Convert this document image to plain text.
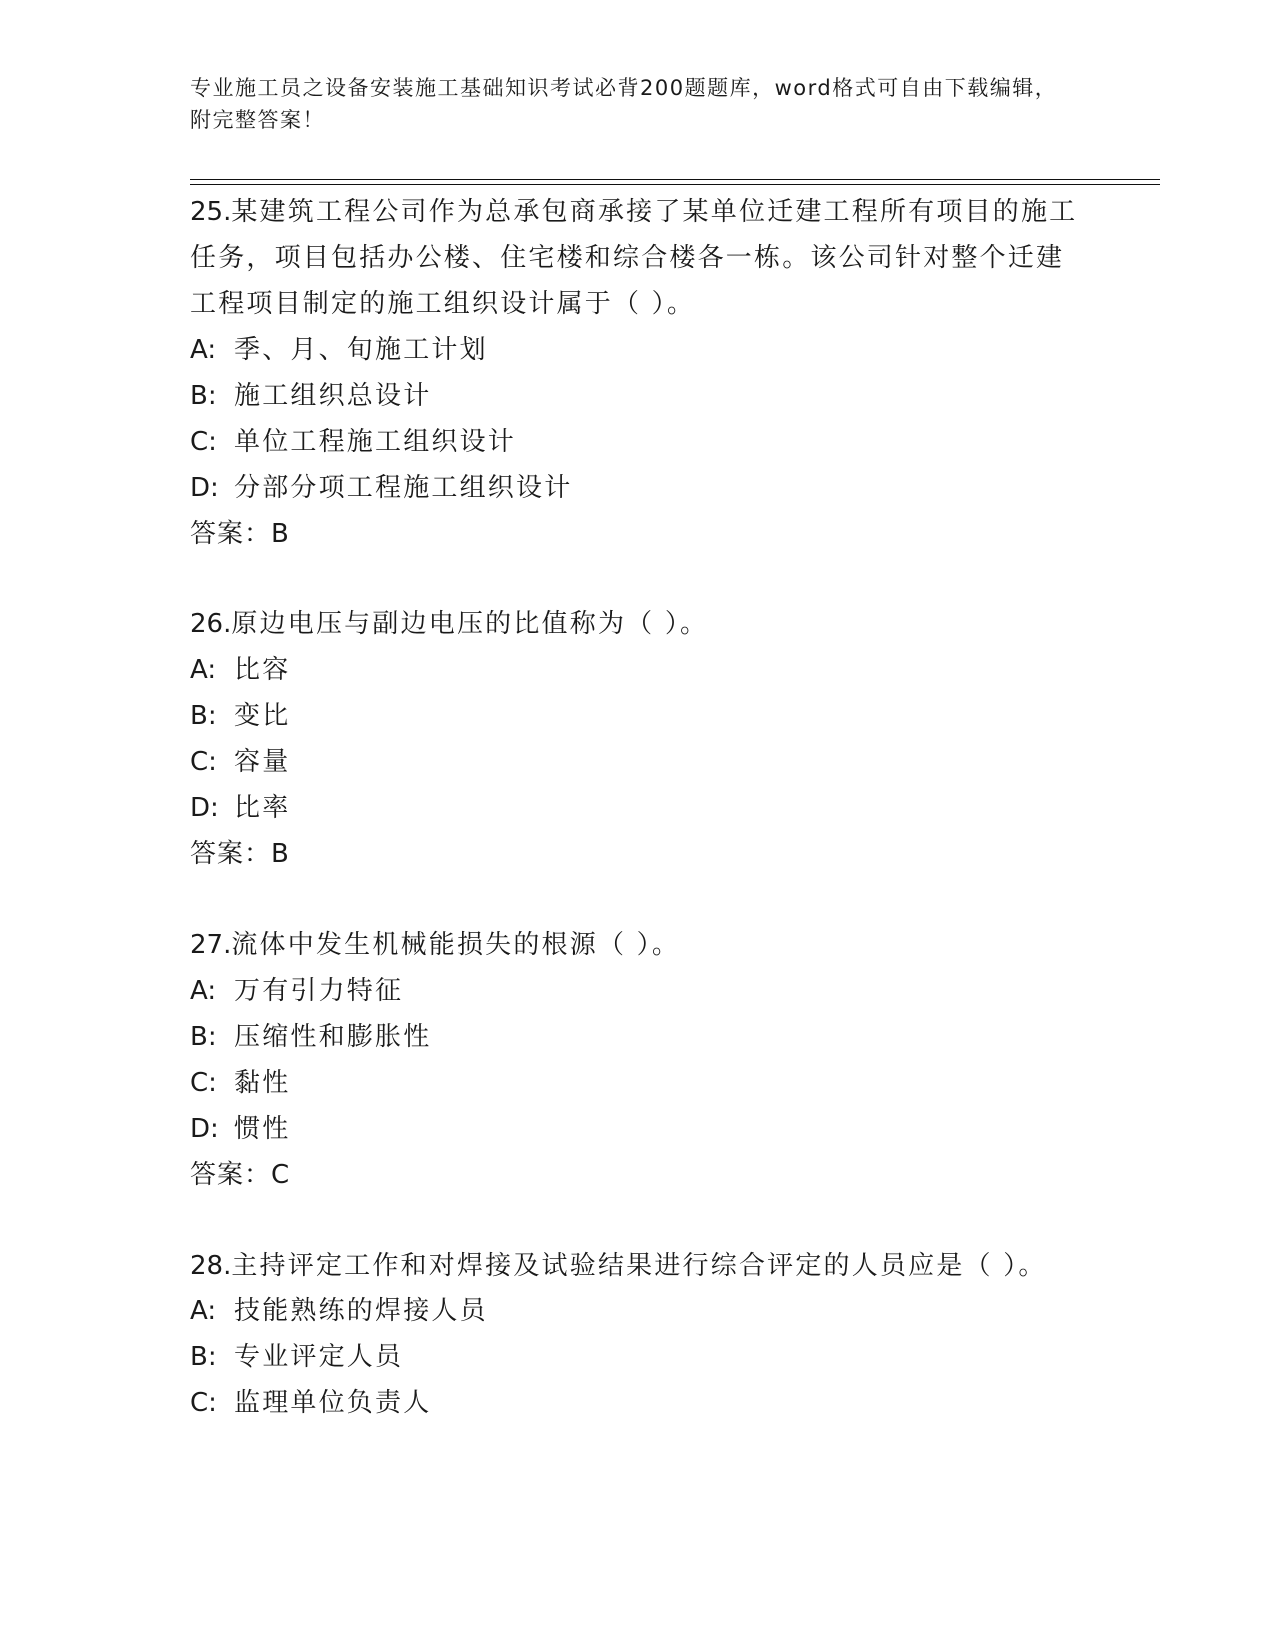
专业施工员之设备安装施工基础知识考试必背200题题库，word格式可自由下载编辑，附完整答案！
25.某建筑工程公司作为总承包商承接了某单位迁建工程所有项目的施工任务，项目包括办公楼、住宅楼和综合楼各一栋。该公司针对整个迁建工程项目制定的施工组织设计属于（ ）。
A: 季、月、旬施工计划
B: 施工组织总设计
C: 单位工程施工组织设计
D: 分部分项工程施工组织设计
答案：B
26.原边电压与副边电压的比值称为（ ）。
A: 比容
B: 变比
C: 容量
D: 比率
答案：B
27.流体中发生机械能损失的根源（ ）。
A: 万有引力特征
B: 压缩性和膨胀性
C: 黏性
D: 惯性
答案：C
28.主持评定工作和对焊接及试验结果进行综合评定的人员应是（ ）。
A: 技能熟练的焊接人员
B: 专业评定人员
C: 监理单位负责人
